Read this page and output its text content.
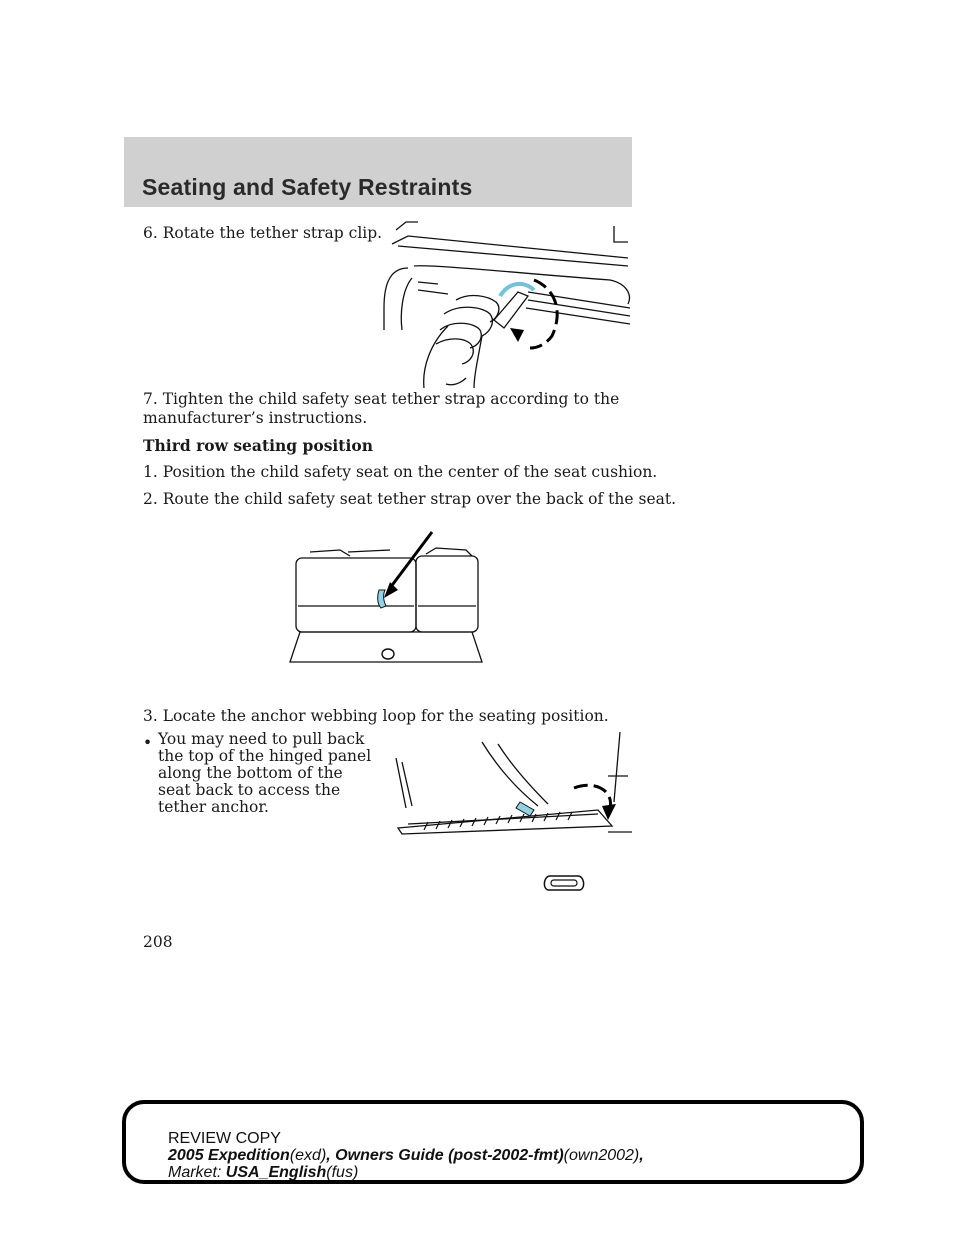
Seating and Safety Restraints
6. Rotate the tether strap clip.
7. Tighten the child safety seat tether strap according to the
manufacturer’s instructions.
Third row seating position
1. Position the child safety seat on the center of the seat cushion.
2. Route the child safety seat tether strap over the back of the seat.
3. Locate the anchor webbing loop for the seating position.
• You may need to pull back the top of the hinged panel along the bottom of the seat back to access the tether anchor.
208
REVIEW COPY
2005 Expedition(exd), Owners Guide (post-2002-fmt)(own2002),
Market: USA_English(fus)
